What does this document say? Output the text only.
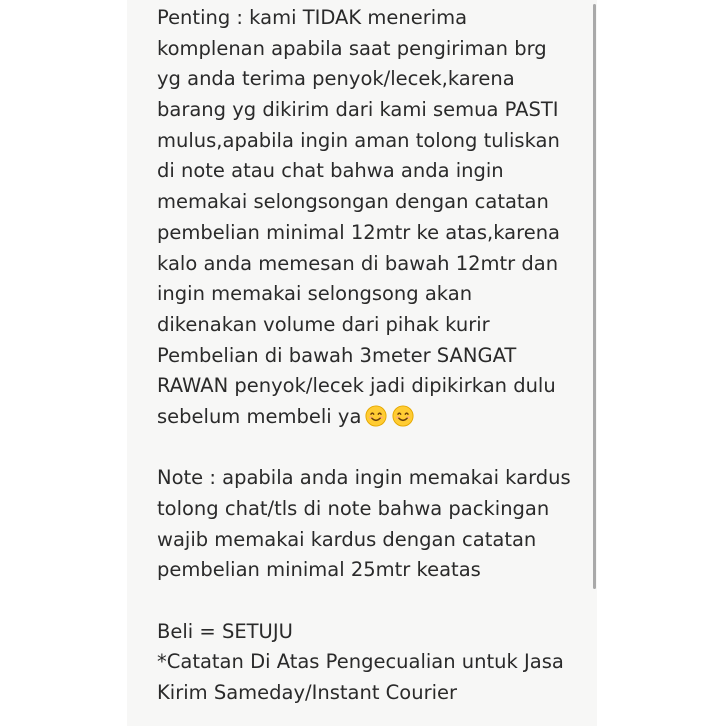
Penting : kami TIDAK menerima
komplenan apabila saat pengiriman brg
yg anda terima penyok/lecek,karena
barang yg dikirim dari kami semua PASTI
mulus,apabila ingin aman tolong tuliskan
di note atau chat bahwa anda ingin
memakai selongsongan dengan catatan
pembelian minimal 12mtr ke atas,karena
kalo anda memesan di bawah 12mtr dan
ingin memakai selongsong akan
dikenakan volume dari pihak kurir
Pembelian di bawah 3meter SANGAT
RAWAN penyok/lecek jadi dipikirkan dulu
sebelum membeli ya
Note : apabila anda ingin memakai kardus
tolong chat/tls di note bahwa packingan
wajib memakai kardus dengan catatan
pembelian minimal 25mtr keatas
Beli = SETUJU
*Catatan Di Atas Pengecualian untuk Jasa
Kirim Sameday/Instant Courier
